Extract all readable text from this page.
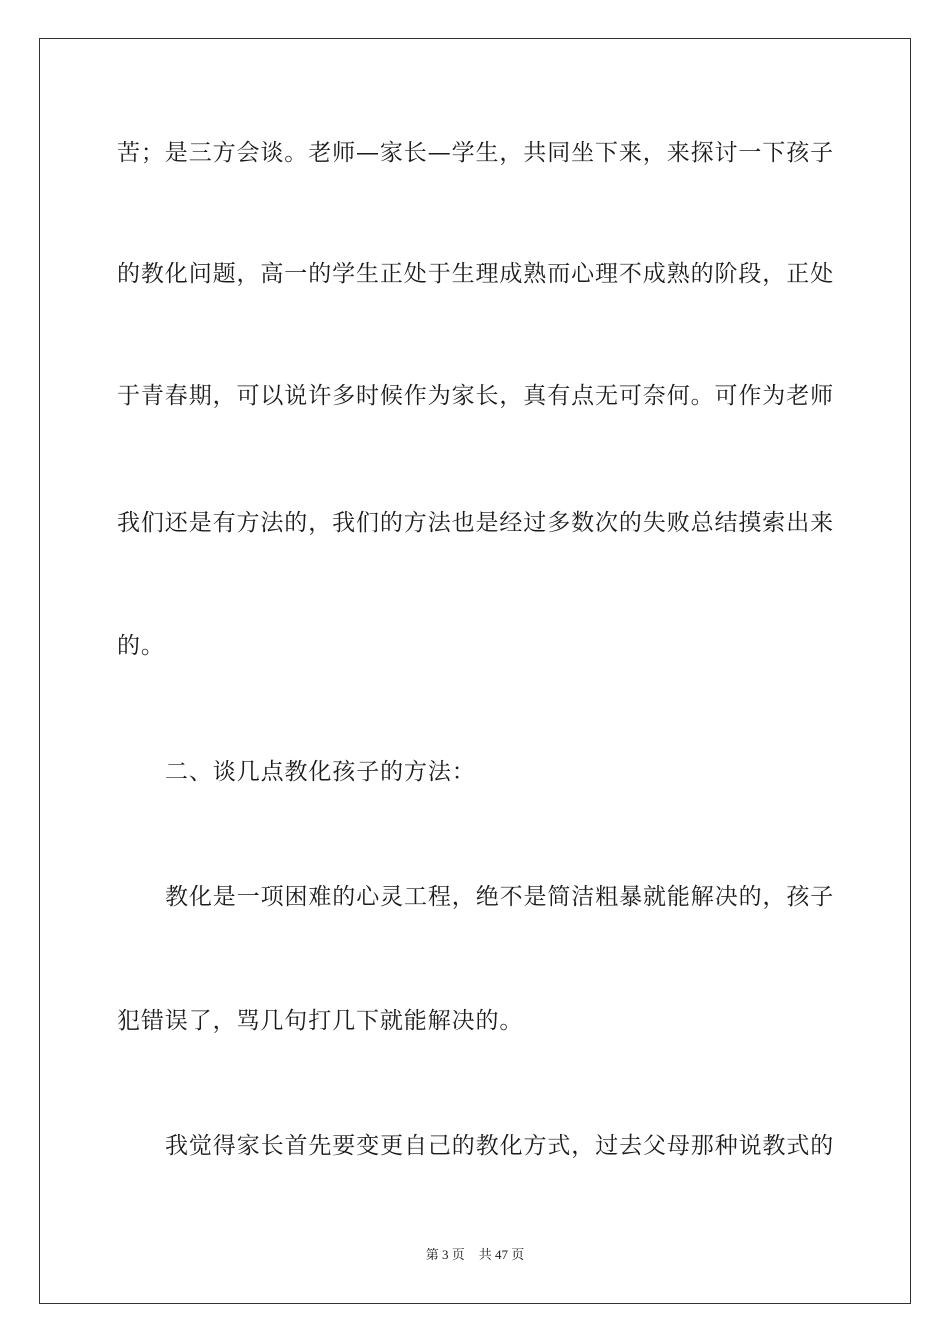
苦；是三方会谈。老师—家长—学生，共同坐下来，来探讨一下孩子
的教化问题，高一的学生正处于生理成熟而心理不成熟的阶段，正处
于青春期，可以说许多时候作为家长，真有点无可奈何。可作为老师
我们还是有方法的，我们的方法也是经过多数次的失败总结摸索出来
的。
二、谈几点教化孩子的方法：
教化是一项困难的心灵工程，绝不是简洁粗暴就能解决的，孩子
犯错误了，骂几句打几下就能解决的。
我觉得家长首先要变更自己的教化方式，过去父母那种说教式的
第 3 页 共 47 页
